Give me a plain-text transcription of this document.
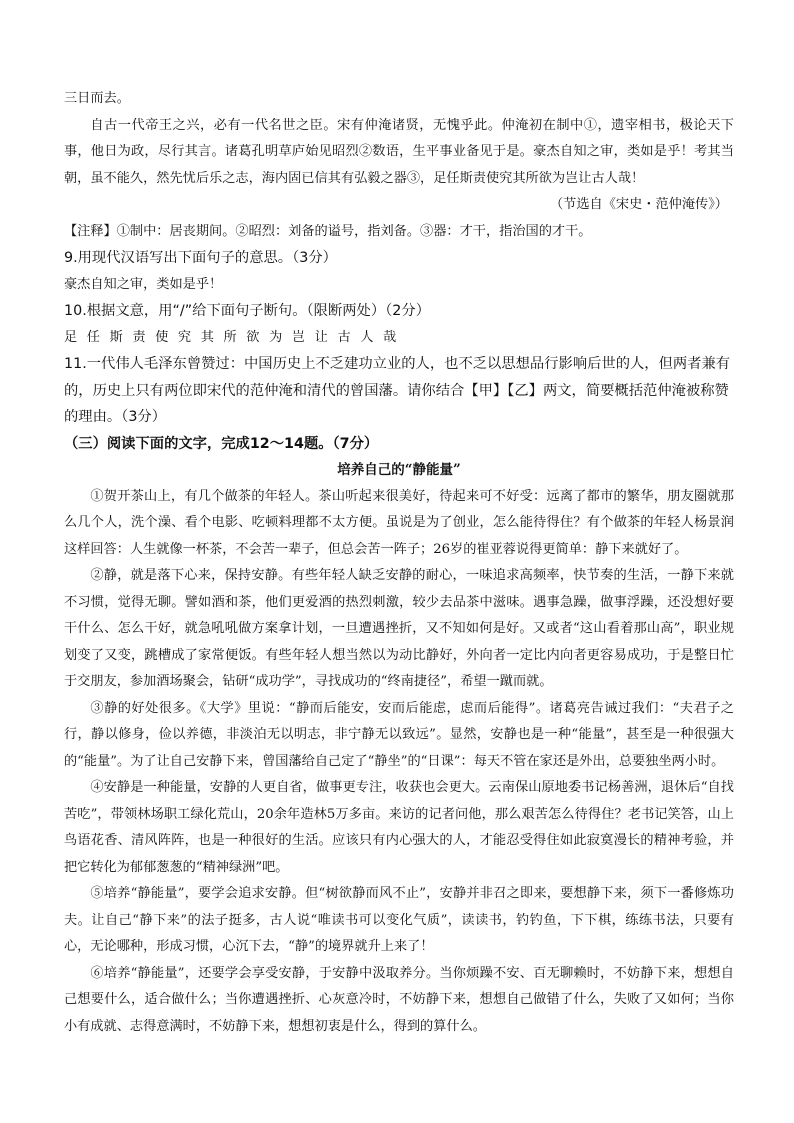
三日而去。

自古一代帝王之兴，必有一代名世之臣。宋有仲淹诸贤，无愧乎此。仲淹初在制中①，遗宰相书，极论天下事，他日为政，尽行其言。诸葛孔明草庐始见昭烈②数语，生平事业备见于是。豪杰自知之审，类如是乎！考其当朝，虽不能久，然先忧后乐之志，海内固已信其有弘毅之器③，足任斯责使究其所欲为岂让古人哉！

（节选自《宋史・范仲淹传》）

【注释】①制中：居丧期间。②昭烈：刘备的谥号，指刘备。③器：才干，指治国的才干。

9.用现代汉语写出下面句子的意思。（3分）

豪杰自知之审，类如是乎！

10.根据文意，用“/”给下面句子断句。（限断两处）（2分）

足任斯责使究其所欲为岂让古人哉

11.一代伟人毛泽东曾赞过：中国历史上不乏建功立业的人，也不乏以思想品行影响后世的人，但两者兼有的，历史上只有两位即宋代的范仲淹和清代的曾国藩。请你结合【甲】【乙】两文，简要概括范仲淹被称赞的理由。（3分）

（三）阅读下面的文字，完成12～14题。（7分）

培养自己的“静能量”

①贺开茶山上，有几个做茶的年轻人。茶山听起来很美好，待起来可不好受：远离了都市的繁华，朋友圈就那么几个人，洗个澡、看个电影、吃顿料理都不太方便。虽说是为了创业，怎么能待得住？有个做茶的年轻人杨景润这样回答：人生就像一杯茶，不会苦一辈子，但总会苦一阵子；26岁的崔亚蓉说得更简单：静下来就好了。

②静，就是落下心来，保持安静。有些年轻人缺乏安静的耐心，一味追求高频率，快节奏的生活，一静下来就不习惯，觉得无聊。譬如酒和茶，他们更爱酒的热烈刺激，较少去品茶中滋味。遇事急躁，做事浮躁，还没想好要干什么、怎么干好，就急吼吼做方案拿计划，一旦遭遇挫折，又不知如何是好。又或者“这山看着那山高”，职业规划变了又变，跳槽成了家常便饭。有些年轻人想当然以为动比静好，外向者一定比内向者更容易成功，于是整日忙于交朋友，参加酒场聚会，钻研“成功学”，寻找成功的“终南捷径”，希望一蹴而就。

③静的好处很多。《大学》里说：“静而后能安，安而后能虑，虑而后能得”。诸葛亮告诫过我们：“夫君子之行，静以修身，俭以养德，非淡泊无以明志，非宁静无以致远”。显然，安静也是一种“能量”，甚至是一种很强大的“能量”。为了让自己安静下来，曾国藩给自己定了“静坐”的“日课”：每天不管在家还是外出，总要独坐两小时。

④安静是一种能量，安静的人更自省，做事更专注，收获也会更大。云南保山原地委书记杨善洲，退休后“自找苦吃”，带领林场职工绿化荒山，20余年造林5万多亩。来访的记者问他，那么艰苦怎么待得住？老书记笑答，山上鸟语花香、清风阵阵，也是一种很好的生活。应该只有内心强大的人，才能忍受得住如此寂寞漫长的精神考验，并把它转化为郁郁葱葱的“精神绿洲”吧。

⑤培养“静能量”，要学会追求安静。但“树欲静而风不止”，安静并非召之即来，要想静下来，须下一番修炼功夫。让自己“静下来”的法子挺多，古人说“唯读书可以变化气质”，读读书，钓钓鱼，下下棋，练练书法，只要有心，无论哪种，形成习惯，心沉下去，“静”的境界就升上来了！

⑥培养“静能量”，还要学会享受安静，于安静中汲取养分。当你烦躁不安、百无聊赖时，不妨静下来，想想自己想要什么，适合做什么；当你遭遇挫折、心灰意冷时，不妨静下来，想想自己做错了什么，失败了又如何；当你小有成就、志得意满时，不妨静下来，想想初衷是什么，得到的算什么。
